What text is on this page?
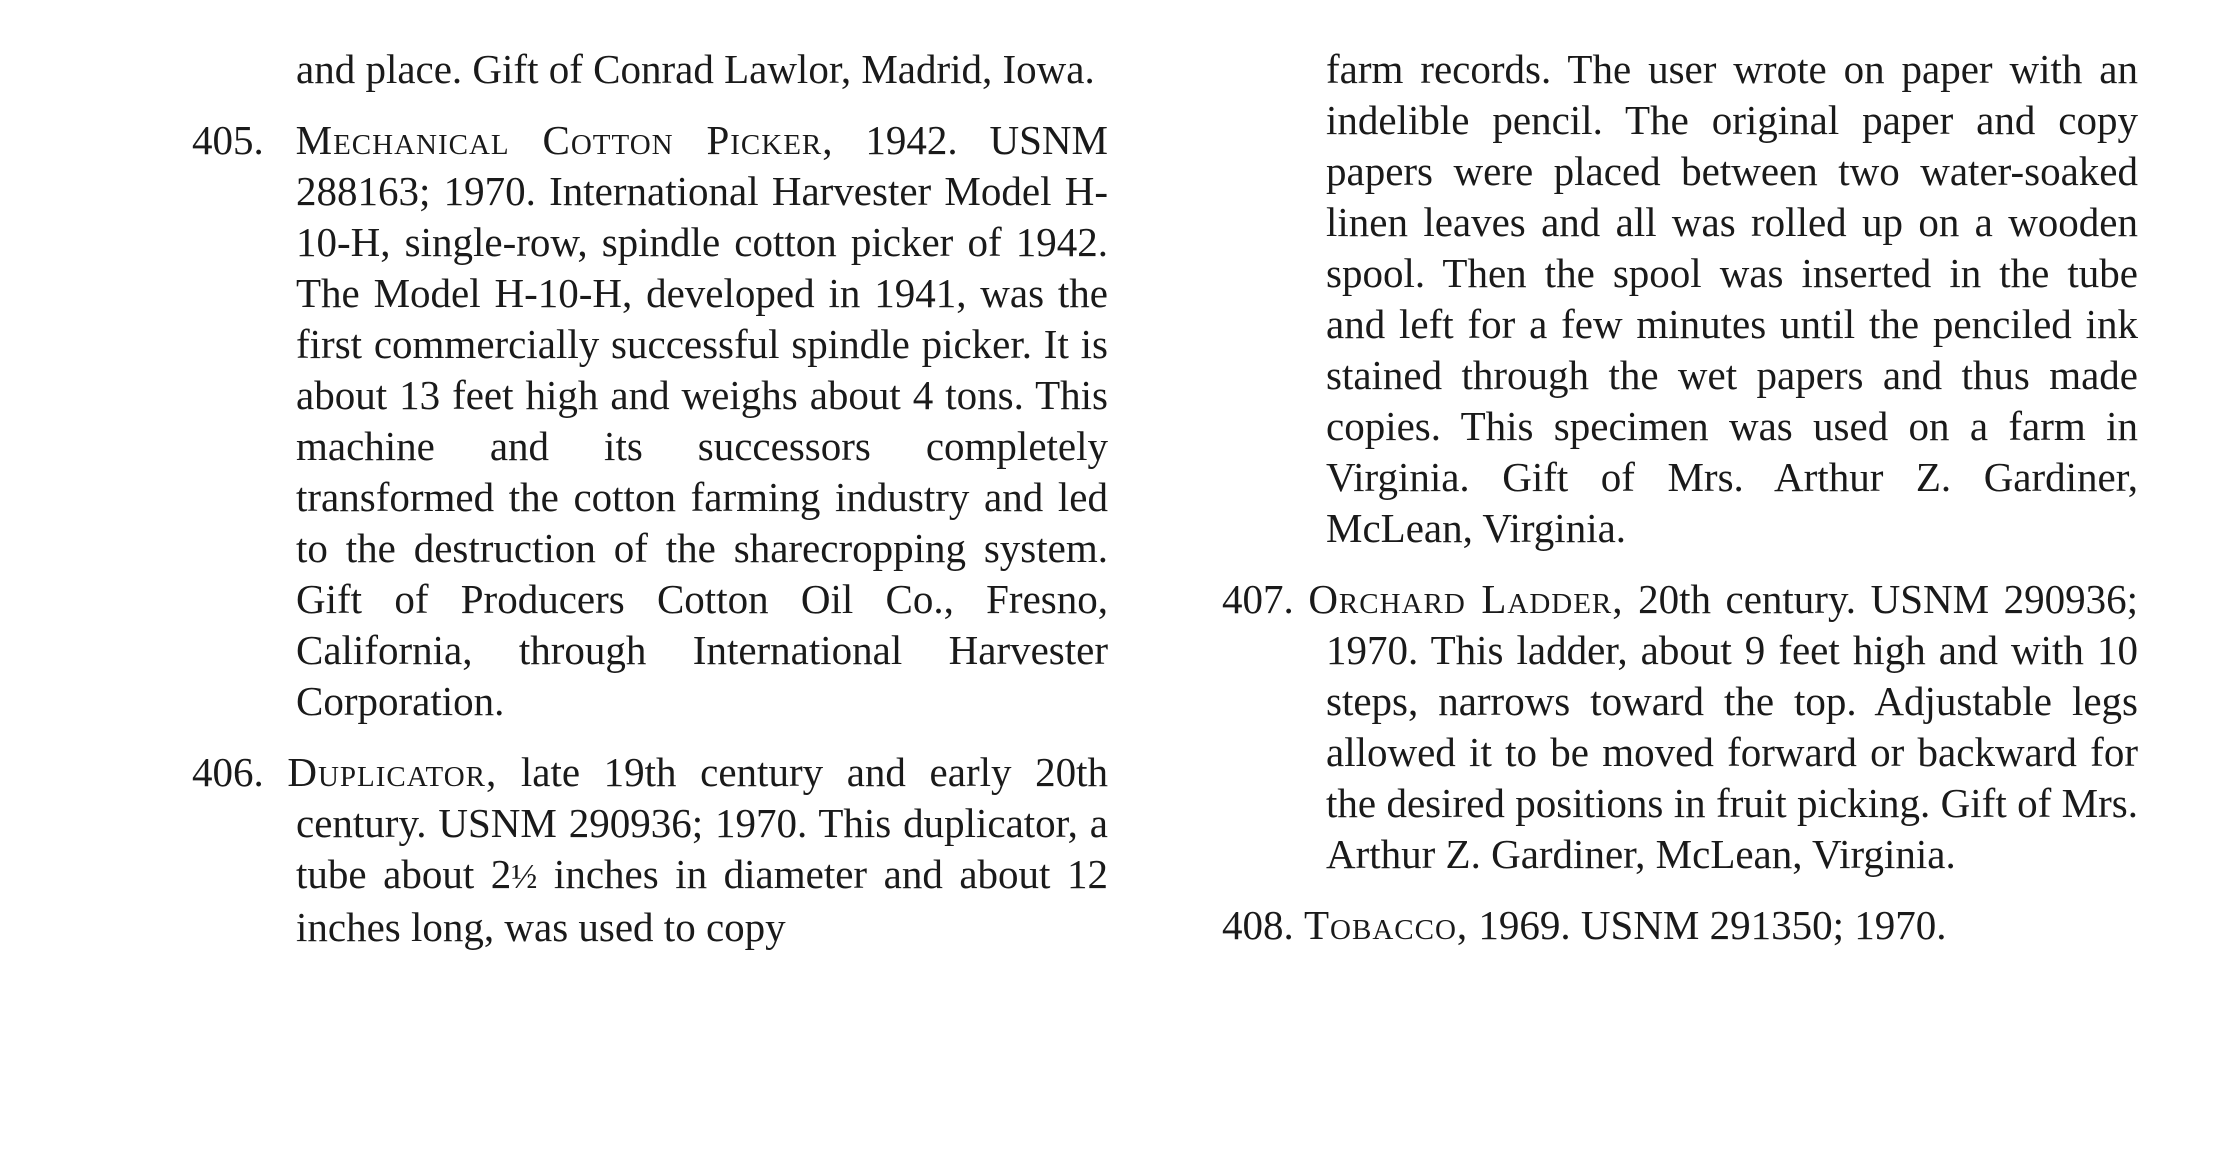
and place. Gift of Conrad Lawlor, Madrid, Iowa.

405. Mechanical Cotton Picker, 1942. USNM 288163; 1970. International Harvester Model H-10-H, single-row, spindle cotton picker of 1942. The Model H-10-H, developed in 1941, was the first commercially successful spindle picker. It is about 13 feet high and weighs about 4 tons. This machine and its successors completely transformed the cotton farming industry and led to the destruction of the sharecropping system. Gift of Producers Cotton Oil Co., Fresno, California, through International Harvester Corporation.

406. Duplicator, late 19th century and early 20th century. USNM 290936; 1970. This duplicator, a tube about 2½ inches in diameter and about 12 inches long, was used to copy

farm records. The user wrote on paper with an indelible pencil. The original paper and copy papers were placed between two water-soaked linen leaves and all was rolled up on a wooden spool. Then the spool was inserted in the tube and left for a few minutes until the penciled ink stained through the wet papers and thus made copies. This specimen was used on a farm in Virginia. Gift of Mrs. Arthur Z. Gardiner, McLean, Virginia.

407. Orchard Ladder, 20th century. USNM 290936; 1970. This ladder, about 9 feet high and with 10 steps, narrows toward the top. Adjustable legs allowed it to be moved forward or backward for the desired positions in fruit picking. Gift of Mrs. Arthur Z. Gardiner, McLean, Virginia.

408. Tobacco, 1969. USNM 291350; 1970.
